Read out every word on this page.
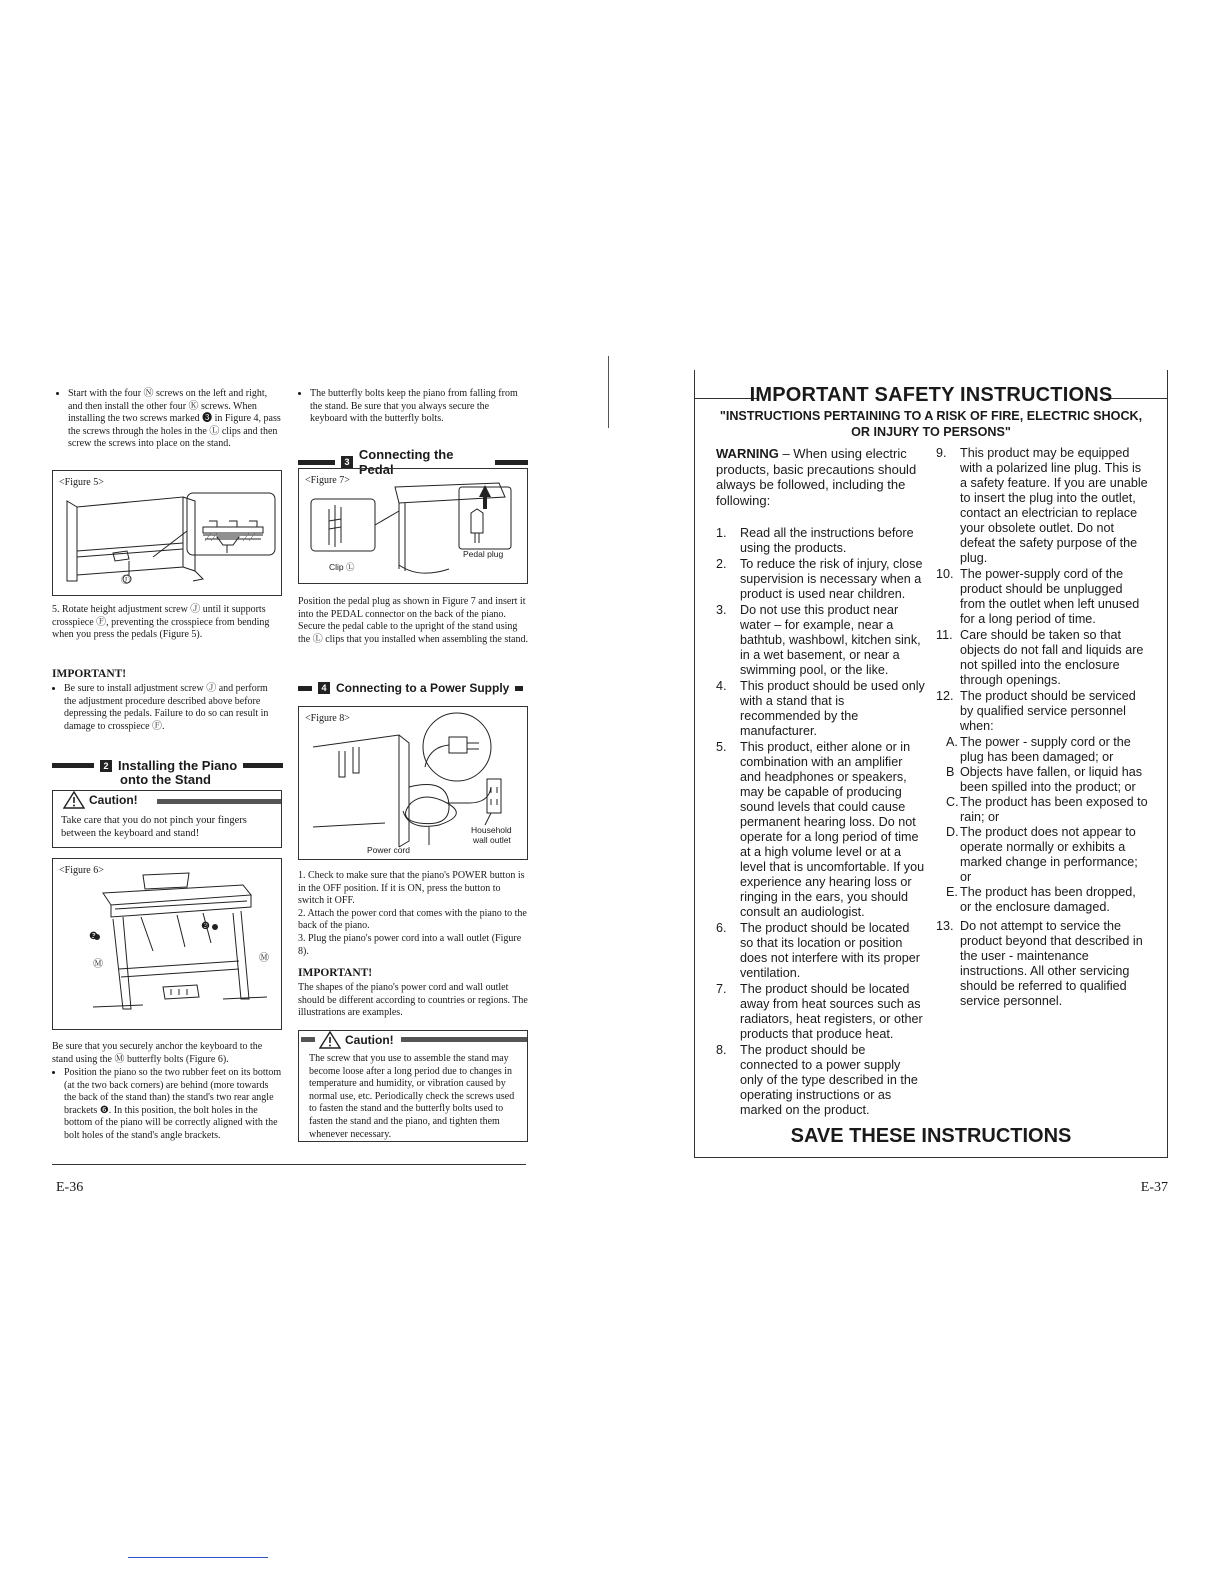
• Start with the four Ⓝ screws on the left and right, and then install the other four Ⓚ screws. When installing the two screws marked ❸ in Figure 4, pass the screws through the holes in the Ⓛ clips and then screw the screws into place on the stand.
<Figure 5>
Ⓙ
5. Rotate height adjustment screw Ⓙ until it supports crosspiece Ⓕ, preventing the crosspiece from bending when you press the pedals (Figure 5).
IMPORTANT!
• Be sure to install adjustment screw Ⓙ and perform the adjustment procedure described above before depressing the pedals. Failure to do so can result in damage to crosspiece Ⓕ.
2 Installing the Piano
onto the Stand
Caution!
Take care that you do not pinch your fingers between the keyboard and stand!
<Figure 6>
❸
❸
Ⓜ
Ⓜ
Be sure that you securely anchor the keyboard to the stand using the Ⓜ butterfly bolts (Figure 6).
• Position the piano so the two rubber feet on its bottom (at the two back corners) are behind (more towards the back of the stand than) the stand's two rear angle brackets ❻. In this position, the bolt holes in the bottom of the piano will be correctly aligned with the bolt holes of the stand's angle brackets.
• The butterfly bolts keep the piano from falling from the stand. Be sure that you always secure the keyboard with the butterfly bolts.
3 Connecting the Pedal
<Figure 7>
Clip Ⓛ
Pedal plug
Position the pedal plug as shown in Figure 7 and insert it into the PEDAL connector on the back of the piano. Secure the pedal cable to the upright of the stand using the Ⓛ clips that you installed when assembling the stand.
4 Connecting to a Power Supply
<Figure 8>
Power cord
Household
wall outlet
1. Check to make sure that the piano's POWER button is in the OFF position. If it is ON, press the button to switch it OFF.
2. Attach the power cord that comes with the piano to the back of the piano.
3. Plug the piano's power cord into a wall outlet (Figure 8).
IMPORTANT!
The shapes of the piano's power cord and wall outlet should be different according to countries or regions. The illustrations are examples.
Caution!
The screw that you use to assemble the stand may become loose after a long period due to changes in temperature and humidity, or vibration caused by normal use, etc. Periodically check the screws used to fasten the stand and the butterfly bolts used to fasten the stand and the piano, and tighten them whenever necessary.
E-36
IMPORTANT SAFETY INSTRUCTIONS
"INSTRUCTIONS PERTAINING TO A RISK OF FIRE, ELECTRIC SHOCK,
OR INJURY TO PERSONS"
WARNING – When using electric products, basic precautions should always be followed, including the following:
1.	Read all the instructions before using the products.
2.	To reduce the risk of injury, close supervision is necessary when a product is used near children.
3.	Do not use this product near water – for example, near a bathtub, washbowl, kitchen sink, in a wet basement, or near a swimming pool, or the like.
4.	This product should be used only with a stand that is recommended by the manufacturer.
5.	This product, either alone or in combination with an amplifier and headphones or speakers, may be capable of producing sound levels that could cause permanent hearing loss. Do not operate for a long period of time at a high volume level or at a level that is uncomfortable. If you experience any hearing loss or ringing in the ears, you should consult an audiologist.
6.	The product should be located so that its location or position does not interfere with its proper ventilation.
7.	The product should be located away from heat sources such as radiators, heat registers, or other products that produce heat.
8.	The product should be connected to a power supply only of the type described in the operating instructions or as marked on the product.
9.	This product may be equipped with a polarized line plug. This is a safety feature. If you are unable to insert the plug into the outlet, contact an electrician to replace your obsolete outlet. Do not defeat the safety purpose of the plug.
10. The power-supply cord of the product should be unplugged from the outlet when left unused for a long period of time.
11. Care should be taken so that objects do not fall and liquids are not spilled into the enclosure through openings.
12. The product should be serviced by qualified service personnel when:
A. The power - supply cord or the plug has been damaged; or
B Objects have fallen, or liquid has been spilled into the product; or
C. The product has been exposed to rain; or
D. The product does not appear to operate normally or exhibits a marked change in performance; or
E. The product has been dropped, or the enclosure damaged.
13. Do not attempt to service the product beyond that described in the user - maintenance instructions. All other servicing should be referred to qualified service personnel.
SAVE THESE INSTRUCTIONS
E-37
